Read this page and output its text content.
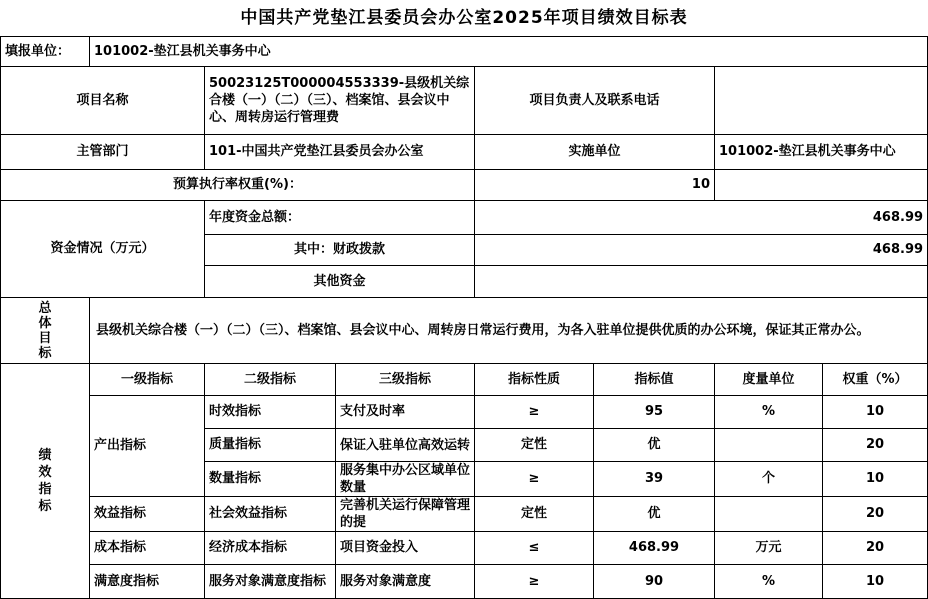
中国共产党垫江县委员会办公室2025年项目绩效目标表
填报单位：	101002-垫江县机关事务中心						
项目名称		50023125T000004553339-县级机关综合楼（一）（二）（三）、档案馆、县会议中心、周转房运行管理费		项目负责人及联系电话			
主管部门		101-中国共产党垫江县委员会办公室		实施单位		101002-垫江县机关事务中心	
预算执行率权重(%)：				10			
资金情况（万元）		年度资金总额：		468.99			
		其中：财政拨款		468.99			
		其他资金					

总体目标	县级机关综合楼（一）（二）（三）、档案馆、县会议中心、周转房日常运行费用，为各入驻单位提供优质的办公环境，保证其正常办公。						

绩效指标	一级指标	二级指标	三级指标	指标性质	指标值	度量单位	权重（%）
	产出指标	时效指标	支付及时率	≥	95	%	10
		质量指标	保证入驻单位高效运转	定性	优		20
		数量指标	服务集中办公区域单位数量	≥	39	个	10
	效益指标	社会效益指标	完善机关运行保障管理的提	定性	优		20
	成本指标	经济成本指标	项目资金投入	≤	468.99	万元	20
	满意度指标	服务对象满意度指标	服务对象满意度	≥	90	%	10
